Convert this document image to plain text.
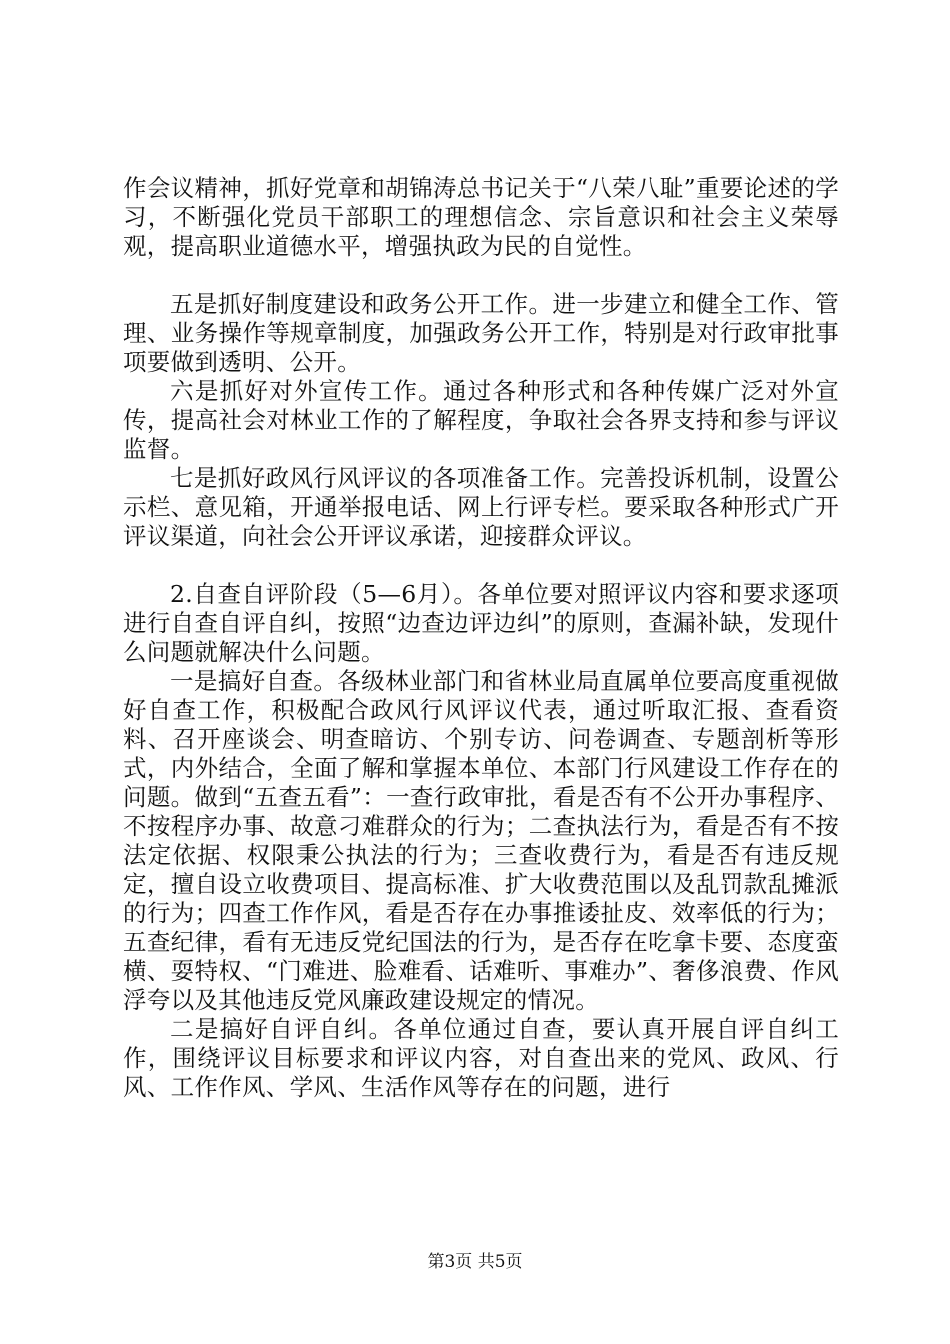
作会议精神，抓好党章和胡锦涛总书记关于“八荣八耻”重要论述的学习，不断强化党员干部职工的理想信念、宗旨意识和社会主义荣辱观，提高职业道德水平，增强执政为民的自觉性。

五是抓好制度建设和政务公开工作。进一步建立和健全工作、管理、业务操作等规章制度，加强政务公开工作，特别是对行政审批事项要做到透明、公开。

六是抓好对外宣传工作。通过各种形式和各种传媒广泛对外宣传，提高社会对林业工作的了解程度，争取社会各界支持和参与评议监督。

七是抓好政风行风评议的各项准备工作。完善投诉机制，设置公示栏、意见箱，开通举报电话、网上行评专栏。要采取各种形式广开评议渠道，向社会公开评议承诺，迎接群众评议。

2.自查自评阶段（5—6月）。各单位要对照评议内容和要求逐项进行自查自评自纠，按照“边查边评边纠”的原则，查漏补缺，发现什么问题就解决什么问题。

一是搞好自查。各级林业部门和省林业局直属单位要高度重视做好自查工作，积极配合政风行风评议代表，通过听取汇报、查看资料、召开座谈会、明查暗访、个别专访、问卷调查、专题剖析等形式，内外结合，全面了解和掌握本单位、本部门行风建设工作存在的问题。做到“五查五看”：一查行政审批，看是否有不公开办事程序、不按程序办事、故意刁难群众的行为；二查执法行为，看是否有不按法定依据、权限秉公执法的行为；三查收费行为，看是否有违反规定，擅自设立收费项目、提高标准、扩大收费范围以及乱罚款乱摊派的行为；四查工作作风，看是否存在办事推诿扯皮、效率低的行为；五查纪律，看有无违反党纪国法的行为，是否存在吃拿卡要、态度蛮横、耍特权、“门难进、脸难看、话难听、事难办”、奢侈浪费、作风浮夸以及其他违反党风廉政建设规定的情况。

二是搞好自评自纠。各单位通过自查，要认真开展自评自纠工作，围绕评议目标要求和评议内容，对自查出来的党风、政风、行风、工作作风、学风、生活作风等存在的问题，进行

第3页 共5页
